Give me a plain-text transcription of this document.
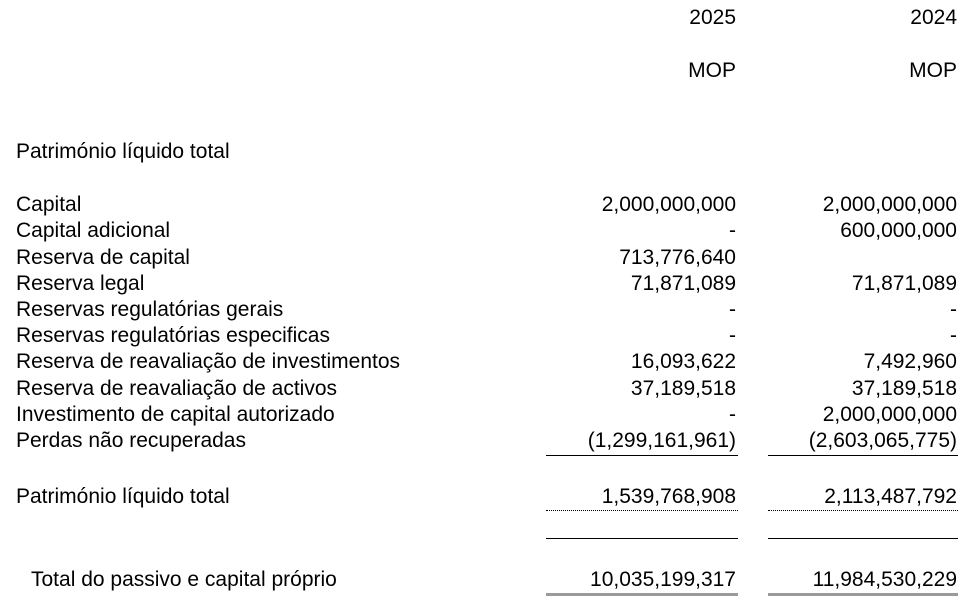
2025	2024
MOP	MOP
Património líquido total
Capital	2,000,000,000	2,000,000,000
Capital adicional	-	600,000,000
Reserva de capital	713,776,640
Reserva legal	71,871,089	71,871,089
Reservas regulatórias gerais	-	-
Reservas regulatórias especificas	-	-
Reserva de reavaliação de investimentos	16,093,622	7,492,960
Reserva de reavaliação de activos	37,189,518	37,189,518
Investimento de capital autorizado	-	2,000,000,000
Perdas não recuperadas	(1,299,161,961)	(2,603,065,775)
Património líquido total	1,539,768,908	2,113,487,792
Total do passivo e capital próprio	10,035,199,317	11,984,530,229
